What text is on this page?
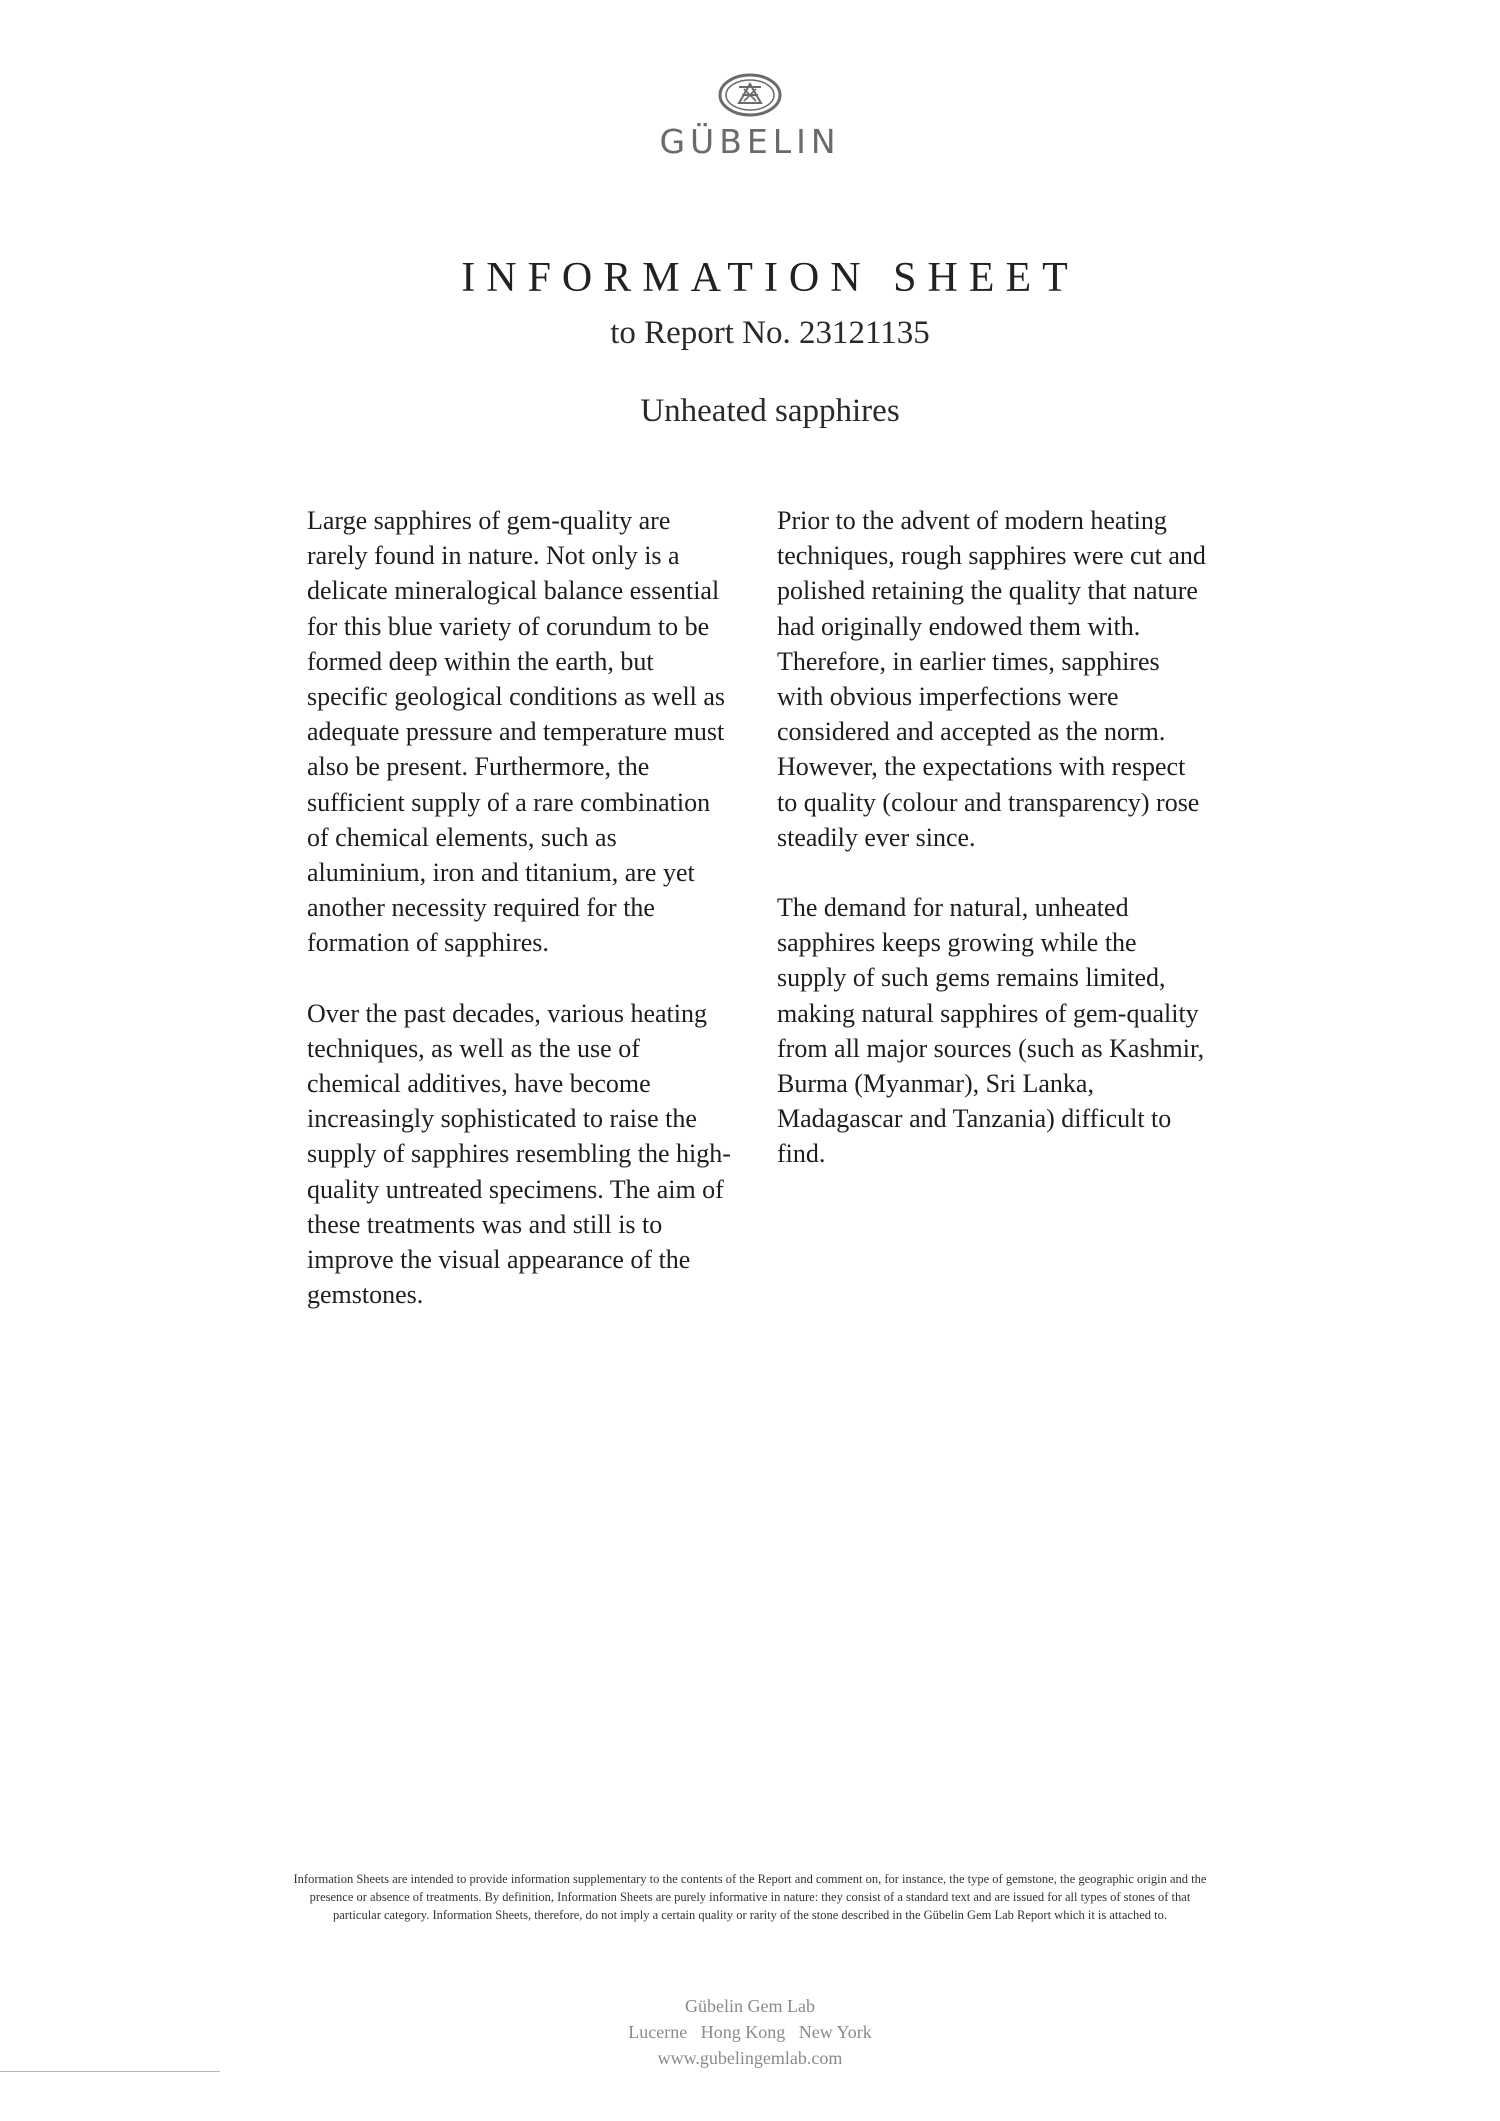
GÜBELIN
INFORMATION SHEET
to Report No. 23121135
Unheated sapphires

Large sapphires of gem-quality are rarely found in nature. Not only is a delicate mineralogical balance essential for this blue variety of corundum to be formed deep within the earth, but specific geological conditions as well as adequate pressure and temperature must also be present. Furthermore, the sufficient supply of a rare combination of chemical elements, such as aluminium, iron and titanium, are yet another necessity required for the formation of sapphires.

Over the past decades, various heating techniques, as well as the use of chemical additives, have become increasingly sophisticated to raise the supply of sapphires resembling the high-quality untreated specimens. The aim of these treatments was and still is to improve the visual appearance of the gemstones.

Prior to the advent of modern heating techniques, rough sapphires were cut and polished retaining the quality that nature had originally endowed them with. Therefore, in earlier times, sapphires with obvious imperfections were considered and accepted as the norm. However, the expectations with respect to quality (colour and transparency) rose steadily ever since.

The demand for natural, unheated sapphires keeps growing while the supply of such gems remains limited, making natural sapphires of gem-quality from all major sources (such as Kashmir, Burma (Myanmar), Sri Lanka, Madagascar and Tanzania) difficult to find.

Information Sheets are intended to provide information supplementary to the contents of the Report and comment on, for instance, the type of gemstone, the geographic origin and the presence or absence of treatments. By definition, Information Sheets are purely informative in nature: they consist of a standard text and are issued for all types of stones of that particular category. Information Sheets, therefore, do not imply a certain quality or rarity of the stone described in the Gübelin Gem Lab Report which it is attached to.

Gübelin Gem Lab
Lucerne   Hong Kong   New York
www.gubelingemlab.com
